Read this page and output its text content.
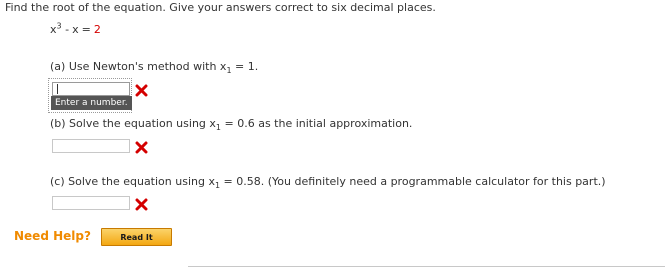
Find the root of the equation. Give your answers correct to six decimal places.
$x^3 - x = 2$
(a) Use Newton's method with $x_1 = 1$.
Enter a number.
(b) Solve the equation using $x_1 = 0.6$ as the initial approximation.
(c) Solve the equation using $x_1 = 0.58$. (You definitely need a programmable calculator for this part.)
Need Help?	Read It
